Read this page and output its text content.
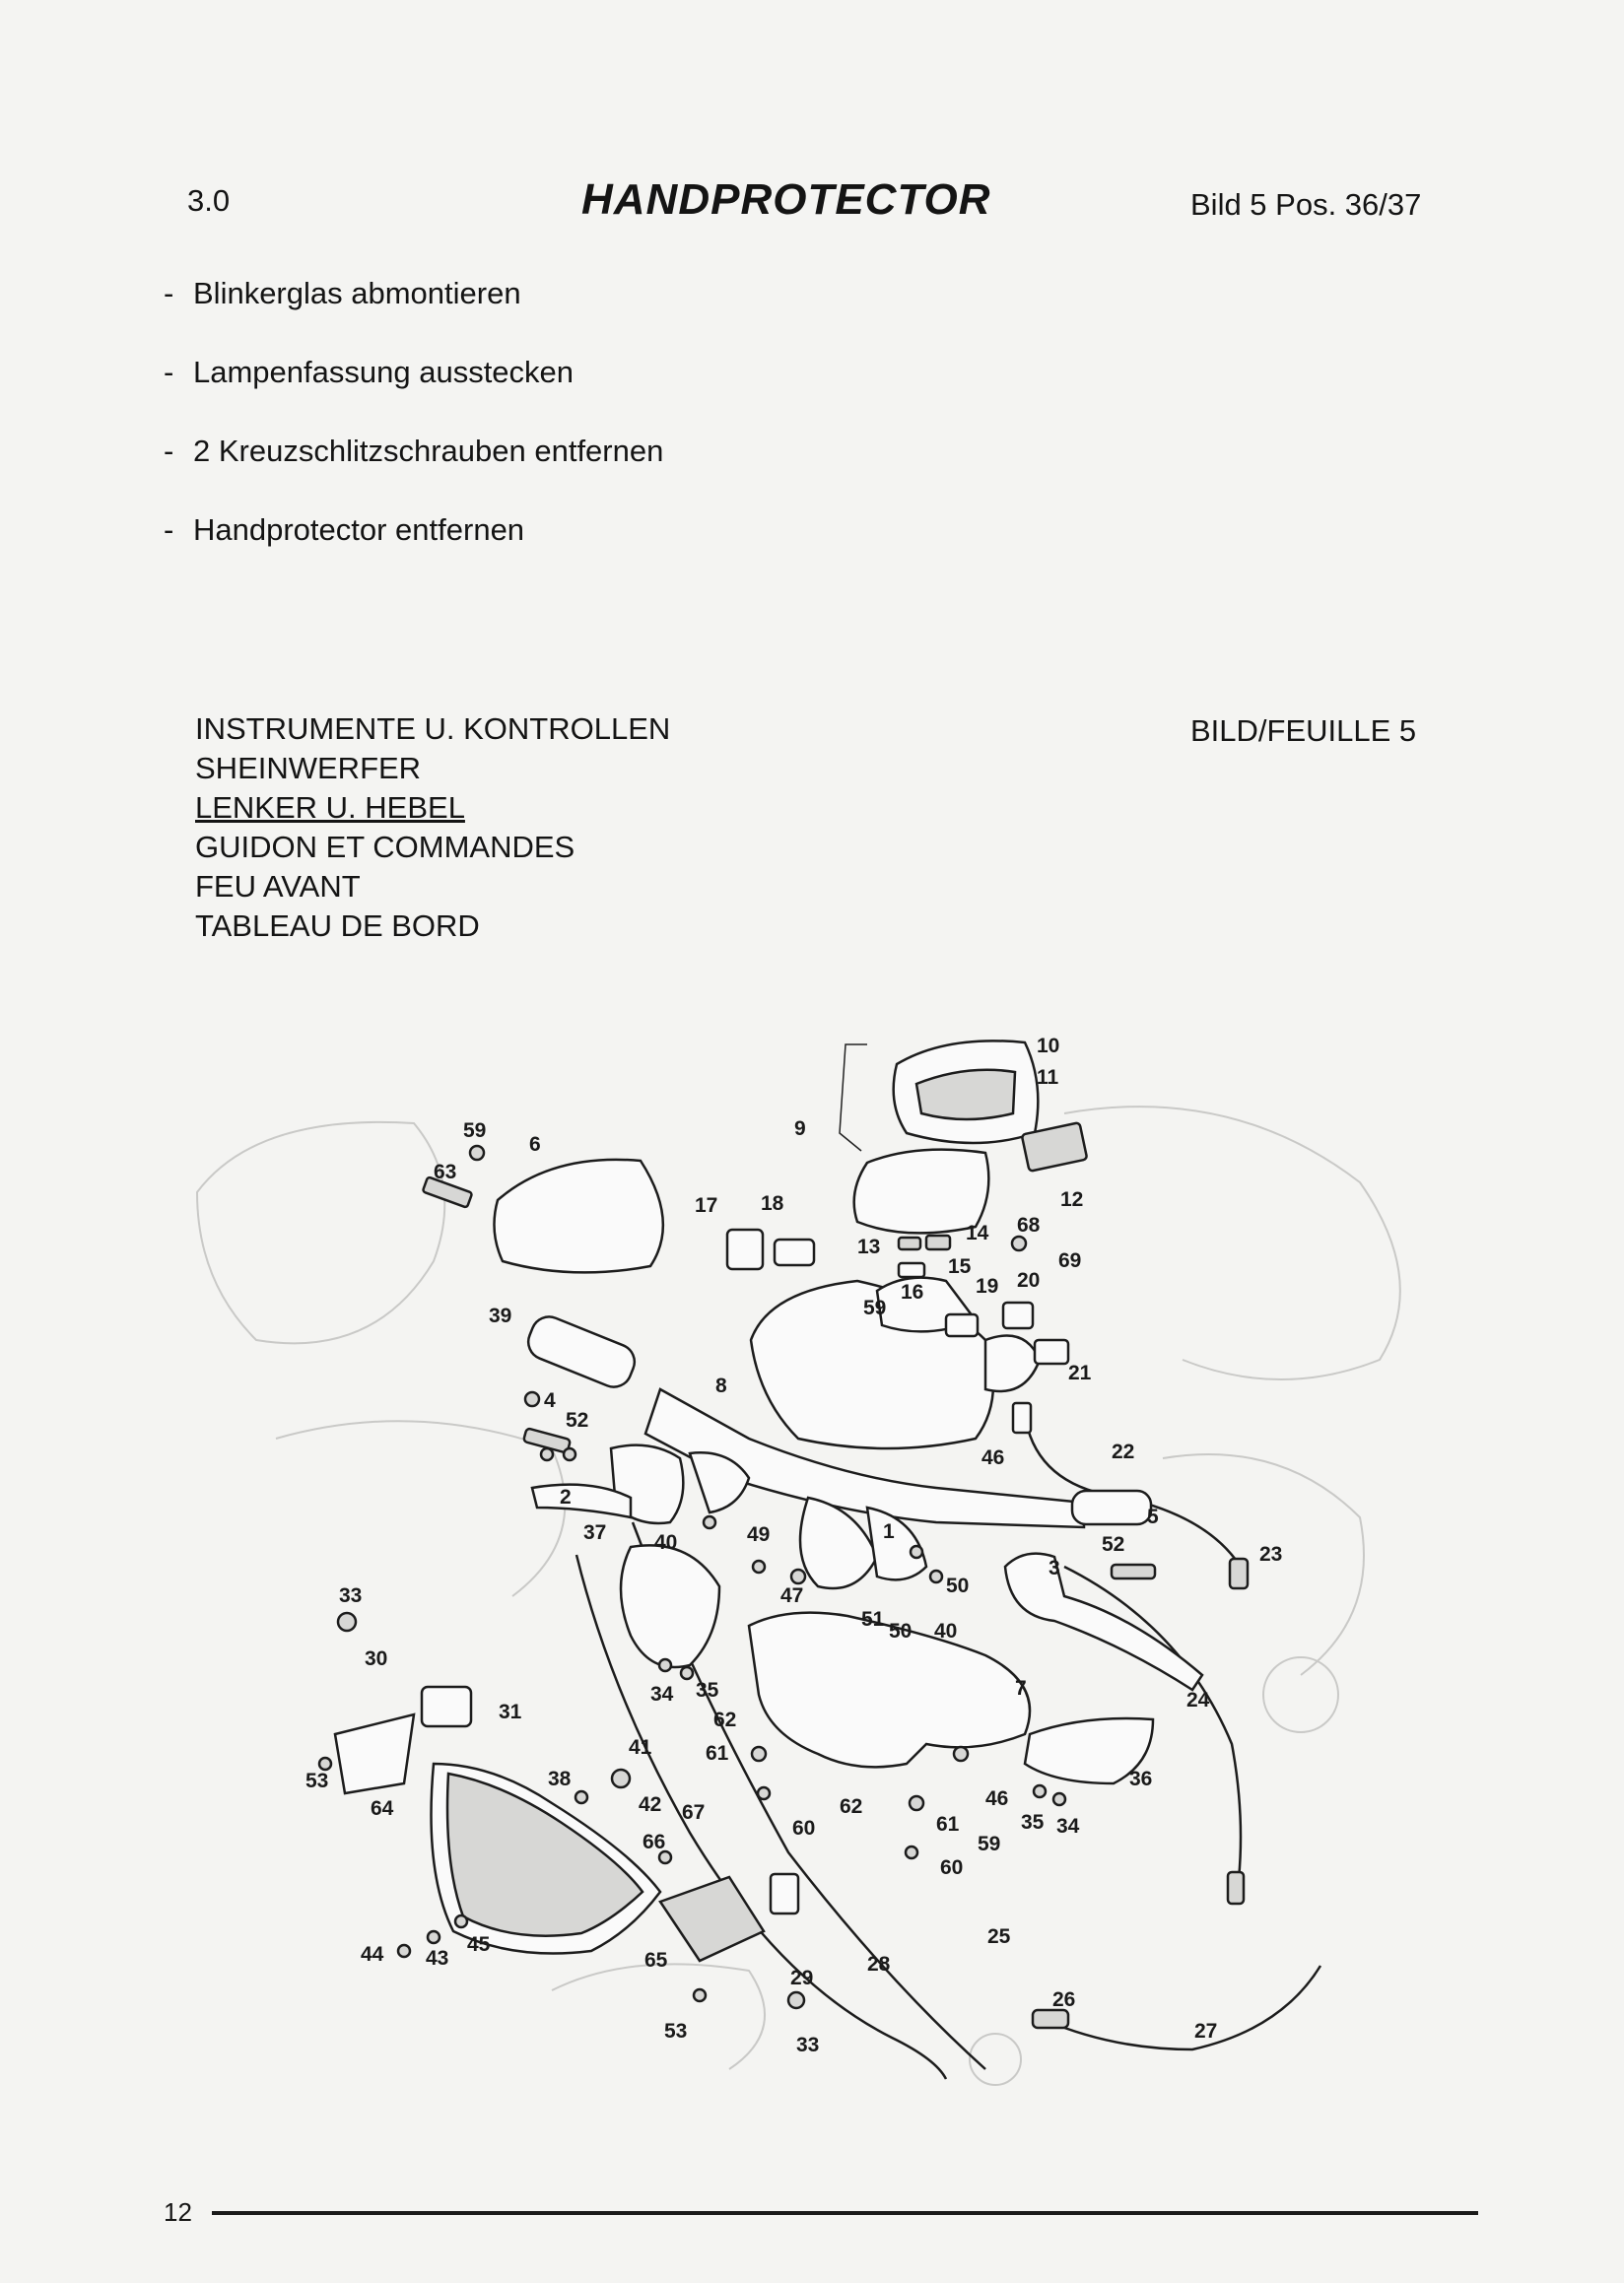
3.0	HANDPROTECTOR	Bild 5 Pos. 36/37
- Blinkerglas abmontieren
- Lampenfassung ausstecken
- 2 Kreuzschlitzschrauben entfernen
- Handprotector entfernen
INSTRUMENTE U. KONTROLLEN
SHEINWERFER
LENKER U. HEBEL
GUIDON ET COMMANDES
FEU AVANT
TABLEAU DE BORD
BILD/FEUILLE 5
1
2
3
4
5
6
7
8
9
10
11
12
13
14
15
16
17 18
19 20
21
22
23
24
25
26
27
28
29
30
31
33
33
34
34
35
35
36
37
38
39
40
40
41
42
43
44	45
46
46
47
49
50
50
51
52
52
53
53
59
59
59
60
60
61
61
62
62
63
64
65
66
67
68
69
12
